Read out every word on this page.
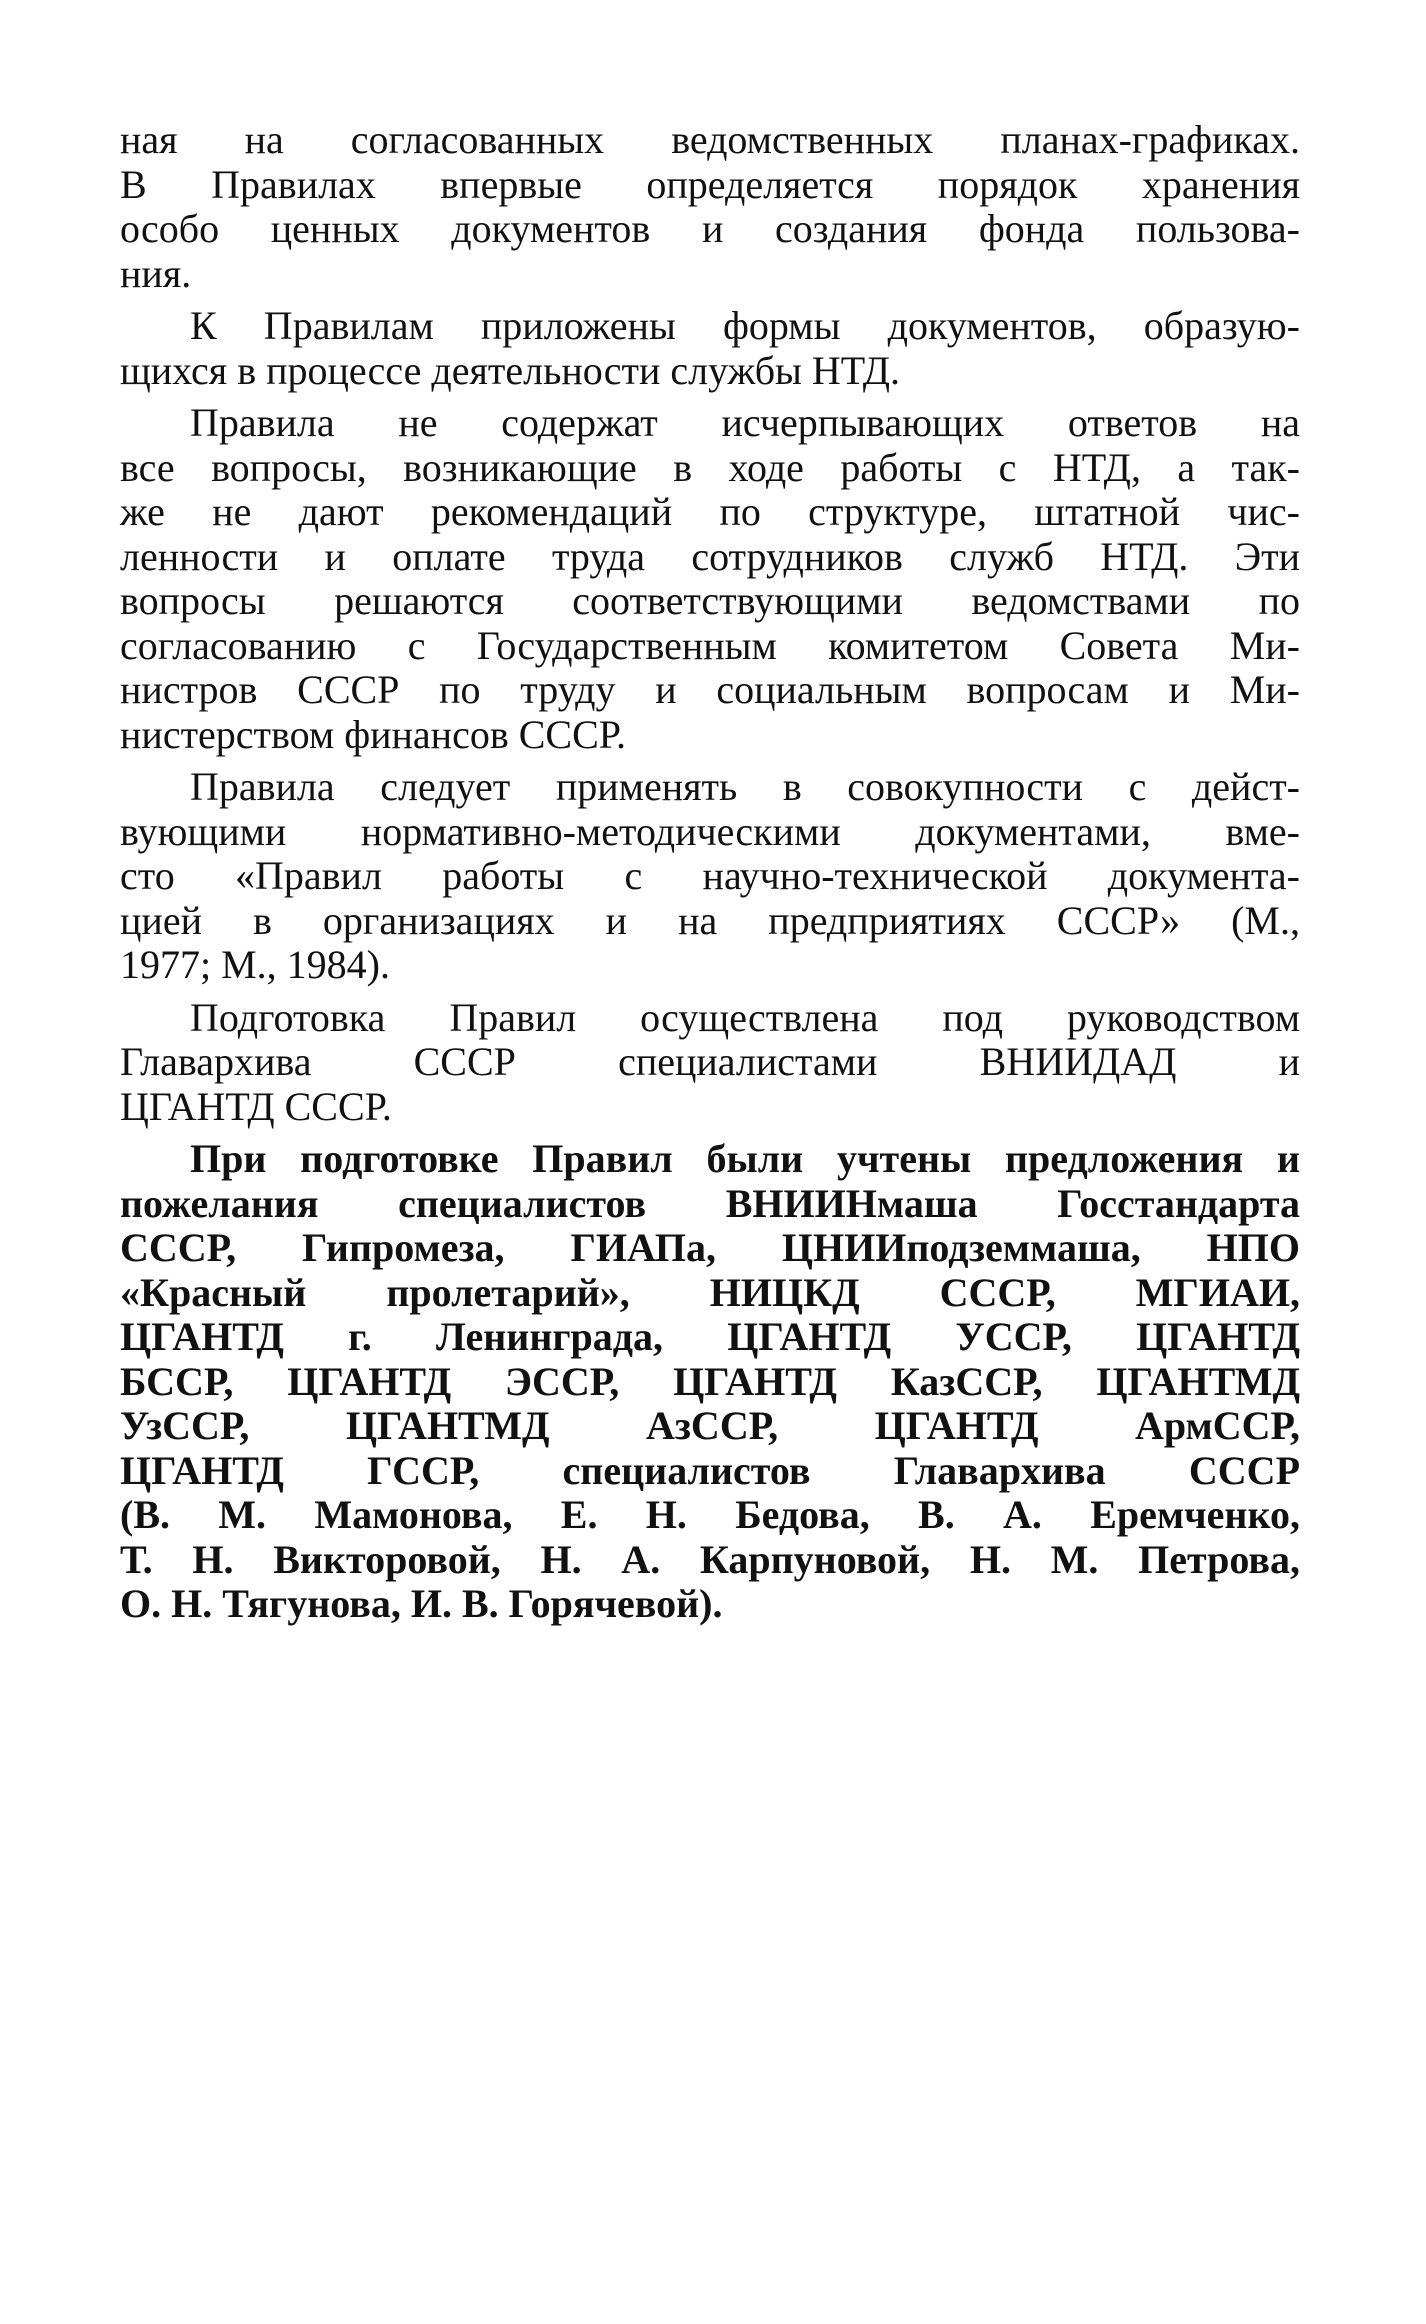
ная на согласованных ведомственных планах-графиках.
В Правилах впервые определяется порядок хранения
особо ценных документов и создания фонда пользова-
ния.
К Правилам приложены формы документов, образую-
щихся в процессе деятельности службы НТД.
Правила не содержат исчерпывающих ответов на
все вопросы, возникающие в ходе работы с НТД, а так-
же не дают рекомендаций по структуре, штатной чис-
ленности и оплате труда сотрудников служб НТД. Эти
вопросы решаются соответствующими ведомствами по
согласованию с Государственным комитетом Совета Ми-
нистров СССР по труду и социальным вопросам и Ми-
нистерством финансов СССР.
Правила следует применять в совокупности с дейст-
вующими нормативно-методическими документами, вме-
сто «Правил работы с научно-технической документа-
цией в организациях и на предприятиях СССР» (М.,
1977; М., 1984).
Подготовка Правил осуществлена под руководством
Главархива СССР специалистами ВНИИДАД и
ЦГАНТД СССР.
При подготовке Правил были учтены предложения и
пожелания специалистов ВНИИНмаша Госстандарта
СССР, Гипромеза, ГИАПа, ЦНИИподземмаша, НПО
«Красный пролетарий», НИЦКД СССР, МГИАИ,
ЦГАНТД г. Ленинграда, ЦГАНТД УССР, ЦГАНТД
БССР, ЦГАНТД ЭССР, ЦГАНТД КазССР, ЦГАНТМД
УзССР, ЦГАНТМД АзССР, ЦГАНТД АрмССР,
ЦГАНТД ГССР, специалистов Главархива СССР
(В. М. Мамонова, Е. Н. Бедова, В. А. Еремченко,
Т. Н. Викторовой, Н. А. Карпуновой, Н. М. Петрова,
О. Н. Тягунова, И. В. Горячевой).
